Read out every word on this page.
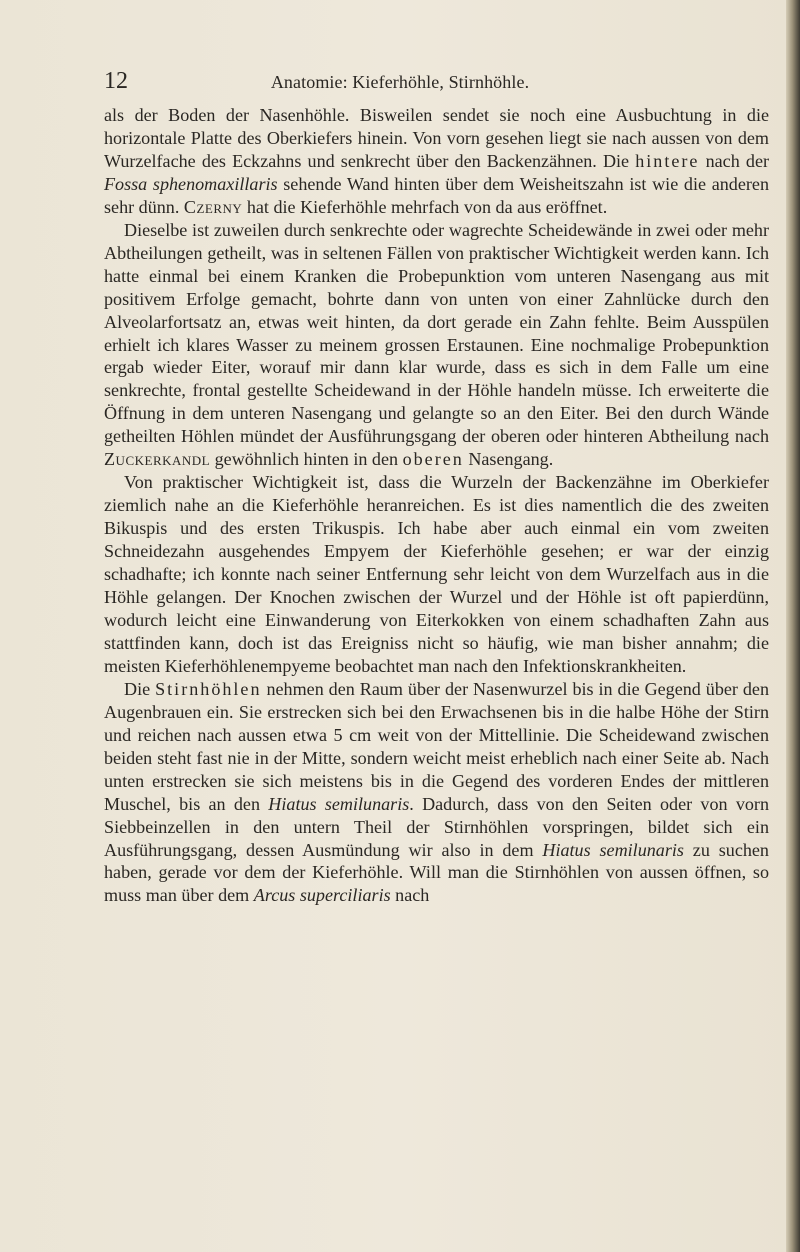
12	Anatomie: Kieferhöhle, Stirnhöhle.

als der Boden der Nasenhöhle. Bisweilen sendet sie noch eine Ausbuchtung in die horizontale Platte des Oberkiefers hinein. Von vorn gesehen liegt sie nach aussen von dem Wurzelfache des Eckzahns und senkrecht über den Backenzähnen. Die hintere nach der Fossa sphenomaxillaris sehende Wand hinten über dem Weisheitszahn ist wie die anderen sehr dünn. Czerny hat die Kieferhöhle mehrfach von da aus eröffnet.

Dieselbe ist zuweilen durch senkrechte oder wagrechte Scheidewände in zwei oder mehr Abtheilungen getheilt, was in seltenen Fällen von praktischer Wichtigkeit werden kann. Ich hatte einmal bei einem Kranken die Probepunktion vom unteren Nasengang aus mit positivem Erfolge gemacht, bohrte dann von unten von einer Zahnlücke durch den Alveolarfortsatz an, etwas weit hinten, da dort gerade ein Zahn fehlte. Beim Ausspülen erhielt ich klares Wasser zu meinem grossen Erstaunen. Eine nochmalige Probepunktion ergab wieder Eiter, worauf mir dann klar wurde, dass es sich in dem Falle um eine senkrechte, frontal gestellte Scheidewand in der Höhle handeln müsse. Ich erweiterte die Öffnung in dem unteren Nasengang und gelangte so an den Eiter. Bei den durch Wände getheilten Höhlen mündet der Ausführungsgang der oberen oder hinteren Abtheilung nach Zuckerkandl gewöhnlich hinten in den oberen Nasengang.

Von praktischer Wichtigkeit ist, dass die Wurzeln der Backenzähne im Oberkiefer ziemlich nahe an die Kieferhöhle heranreichen. Es ist dies namentlich die des zweiten Bikuspis und des ersten Trikuspis. Ich habe aber auch einmal ein vom zweiten Schneidezahn ausgehendes Empyem der Kieferhöhle gesehen; er war der einzig schadhafte; ich konnte nach seiner Entfernung sehr leicht von dem Wurzelfach aus in die Höhle gelangen. Der Knochen zwischen der Wurzel und der Höhle ist oft papierdünn, wodurch leicht eine Einwanderung von Eiterkokken von einem schadhaften Zahn aus stattfinden kann, doch ist das Ereigniss nicht so häufig, wie man bisher annahm; die meisten Kieferhöhlenempyeme beobachtet man nach den Infektionskrankheiten.

Die Stirnhöhlen nehmen den Raum über der Nasenwurzel bis in die Gegend über den Augenbrauen ein. Sie erstrecken sich bei den Erwachsenen bis in die halbe Höhe der Stirn und reichen nach aussen etwa 5 cm weit von der Mittellinie. Die Scheidewand zwischen beiden steht fast nie in der Mitte, sondern weicht meist erheblich nach einer Seite ab. Nach unten erstrecken sie sich meistens bis in die Gegend des vorderen Endes der mittleren Muschel, bis an den Hiatus semilunaris. Dadurch, dass von den Seiten oder von vorn Siebbeinzellen in den untern Theil der Stirnhöhlen vorspringen, bildet sich ein Ausführungsgang, dessen Ausmündung wir also in dem Hiatus semilunaris zu suchen haben, gerade vor dem der Kieferhöhle. Will man die Stirnhöhlen von aussen öffnen, so muss man über dem Arcus superciliaris nach
